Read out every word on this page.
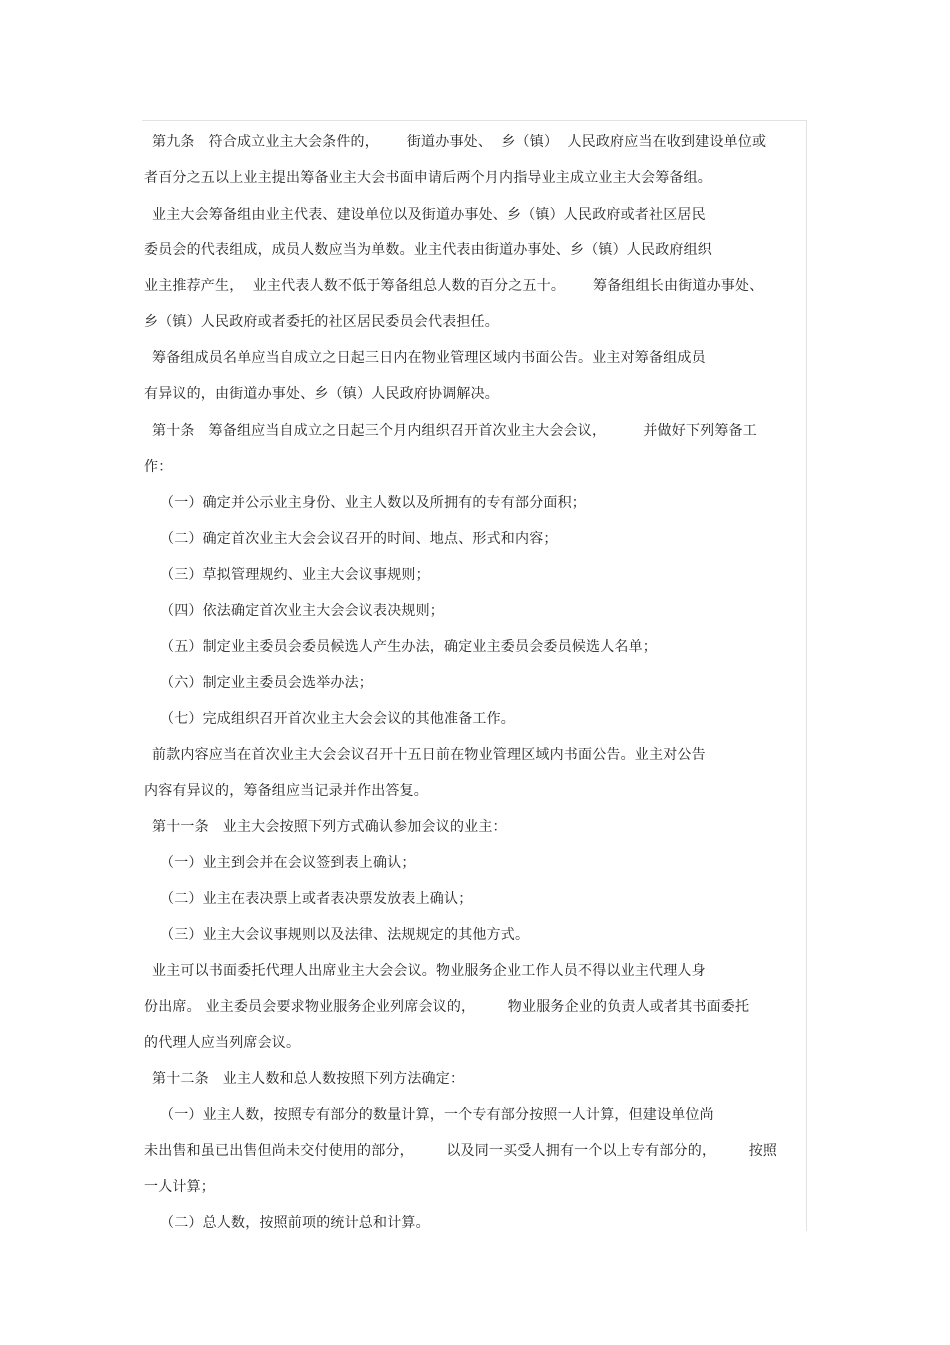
第九条   符合成立业主大会条件的，      街道办事处、  乡（镇）  人民政府应当在收到建设单位或
者百分之五以上业主提出筹备业主大会书面申请后两个月内指导业主成立业主大会筹备组。
业主大会筹备组由业主代表、建设单位以及街道办事处、乡（镇）人民政府或者社区居民
委员会的代表组成，成员人数应当为单数。业主代表由街道办事处、乡（镇）人民政府组织
业主推荐产生，  业主代表人数不低于筹备组总人数的百分之五十。      筹备组组长由街道办事处、
乡（镇）人民政府或者委托的社区居民委员会代表担任。
筹备组成员名单应当自成立之日起三日内在物业管理区域内书面公告。业主对筹备组成员
有异议的，由街道办事处、乡（镇）人民政府协调解决。
第十条   筹备组应当自成立之日起三个月内组织召开首次业主大会会议，        并做好下列筹备工
作：
（一）确定并公示业主身份、业主人数以及所拥有的专有部分面积；
（二）确定首次业主大会会议召开的时间、地点、形式和内容；
（三）草拟管理规约、业主大会议事规则；
（四）依法确定首次业主大会会议表决规则；
（五）制定业主委员会委员候选人产生办法，确定业主委员会委员候选人名单；
（六）制定业主委员会选举办法；
（七）完成组织召开首次业主大会会议的其他准备工作。
前款内容应当在首次业主大会会议召开十五日前在物业管理区域内书面公告。业主对公告
内容有异议的，筹备组应当记录并作出答复。
第十一条   业主大会按照下列方式确认参加会议的业主：
（一）业主到会并在会议签到表上确认；
（二）业主在表决票上或者表决票发放表上确认；
（三）业主大会议事规则以及法律、法规规定的其他方式。
业主可以书面委托代理人出席业主大会会议。物业服务企业工作人员不得以业主代理人身
份出席。 业主委员会要求物业服务企业列席会议的，       物业服务企业的负责人或者其书面委托
的代理人应当列席会议。
第十二条   业主人数和总人数按照下列方法确定：
（一）业主人数，按照专有部分的数量计算，一个专有部分按照一人计算，但建设单位尚
未出售和虽已出售但尚未交付使用的部分，       以及同一买受人拥有一个以上专有部分的，       按照
一人计算；
（二）总人数，按照前项的统计总和计算。
